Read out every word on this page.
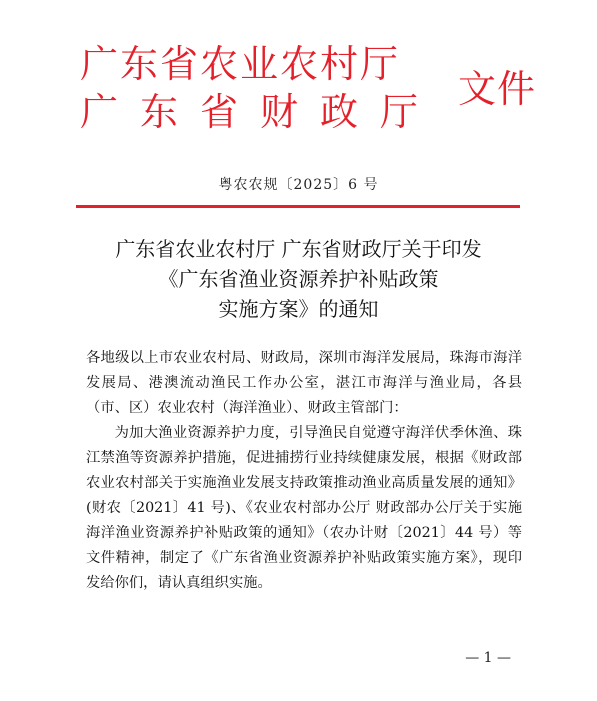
广东省农业农村厅
广东省财政厅
文件
粤农农规〔2025〕6 号
广东省农业农村厅 广东省财政厅关于印发
《广东省渔业资源养护补贴政策
实施方案》的通知

各地级以上市农业农村局、财政局，深圳市海洋发展局，珠海市海洋发展局、港澳流动渔民工作办公室，湛江市海洋与渔业局，各县（市、区）农业农村（海洋渔业）、财政主管部门：

为加大渔业资源养护力度，引导渔民自觉遵守海洋伏季休渔、珠江禁渔等资源养护措施，促进捕捞行业持续健康发展，根据《财政部 农业农村部关于实施渔业发展支持政策推动渔业高质量发展的通知》(财农〔2021〕41 号)、《农业农村部办公厅 财政部办公厅关于实施海洋渔业资源养护补贴政策的通知》（农办计财〔2021〕44 号）等文件精神，制定了《广东省渔业资源养护补贴政策实施方案》，现印发给你们，请认真组织实施。

— 1 —
